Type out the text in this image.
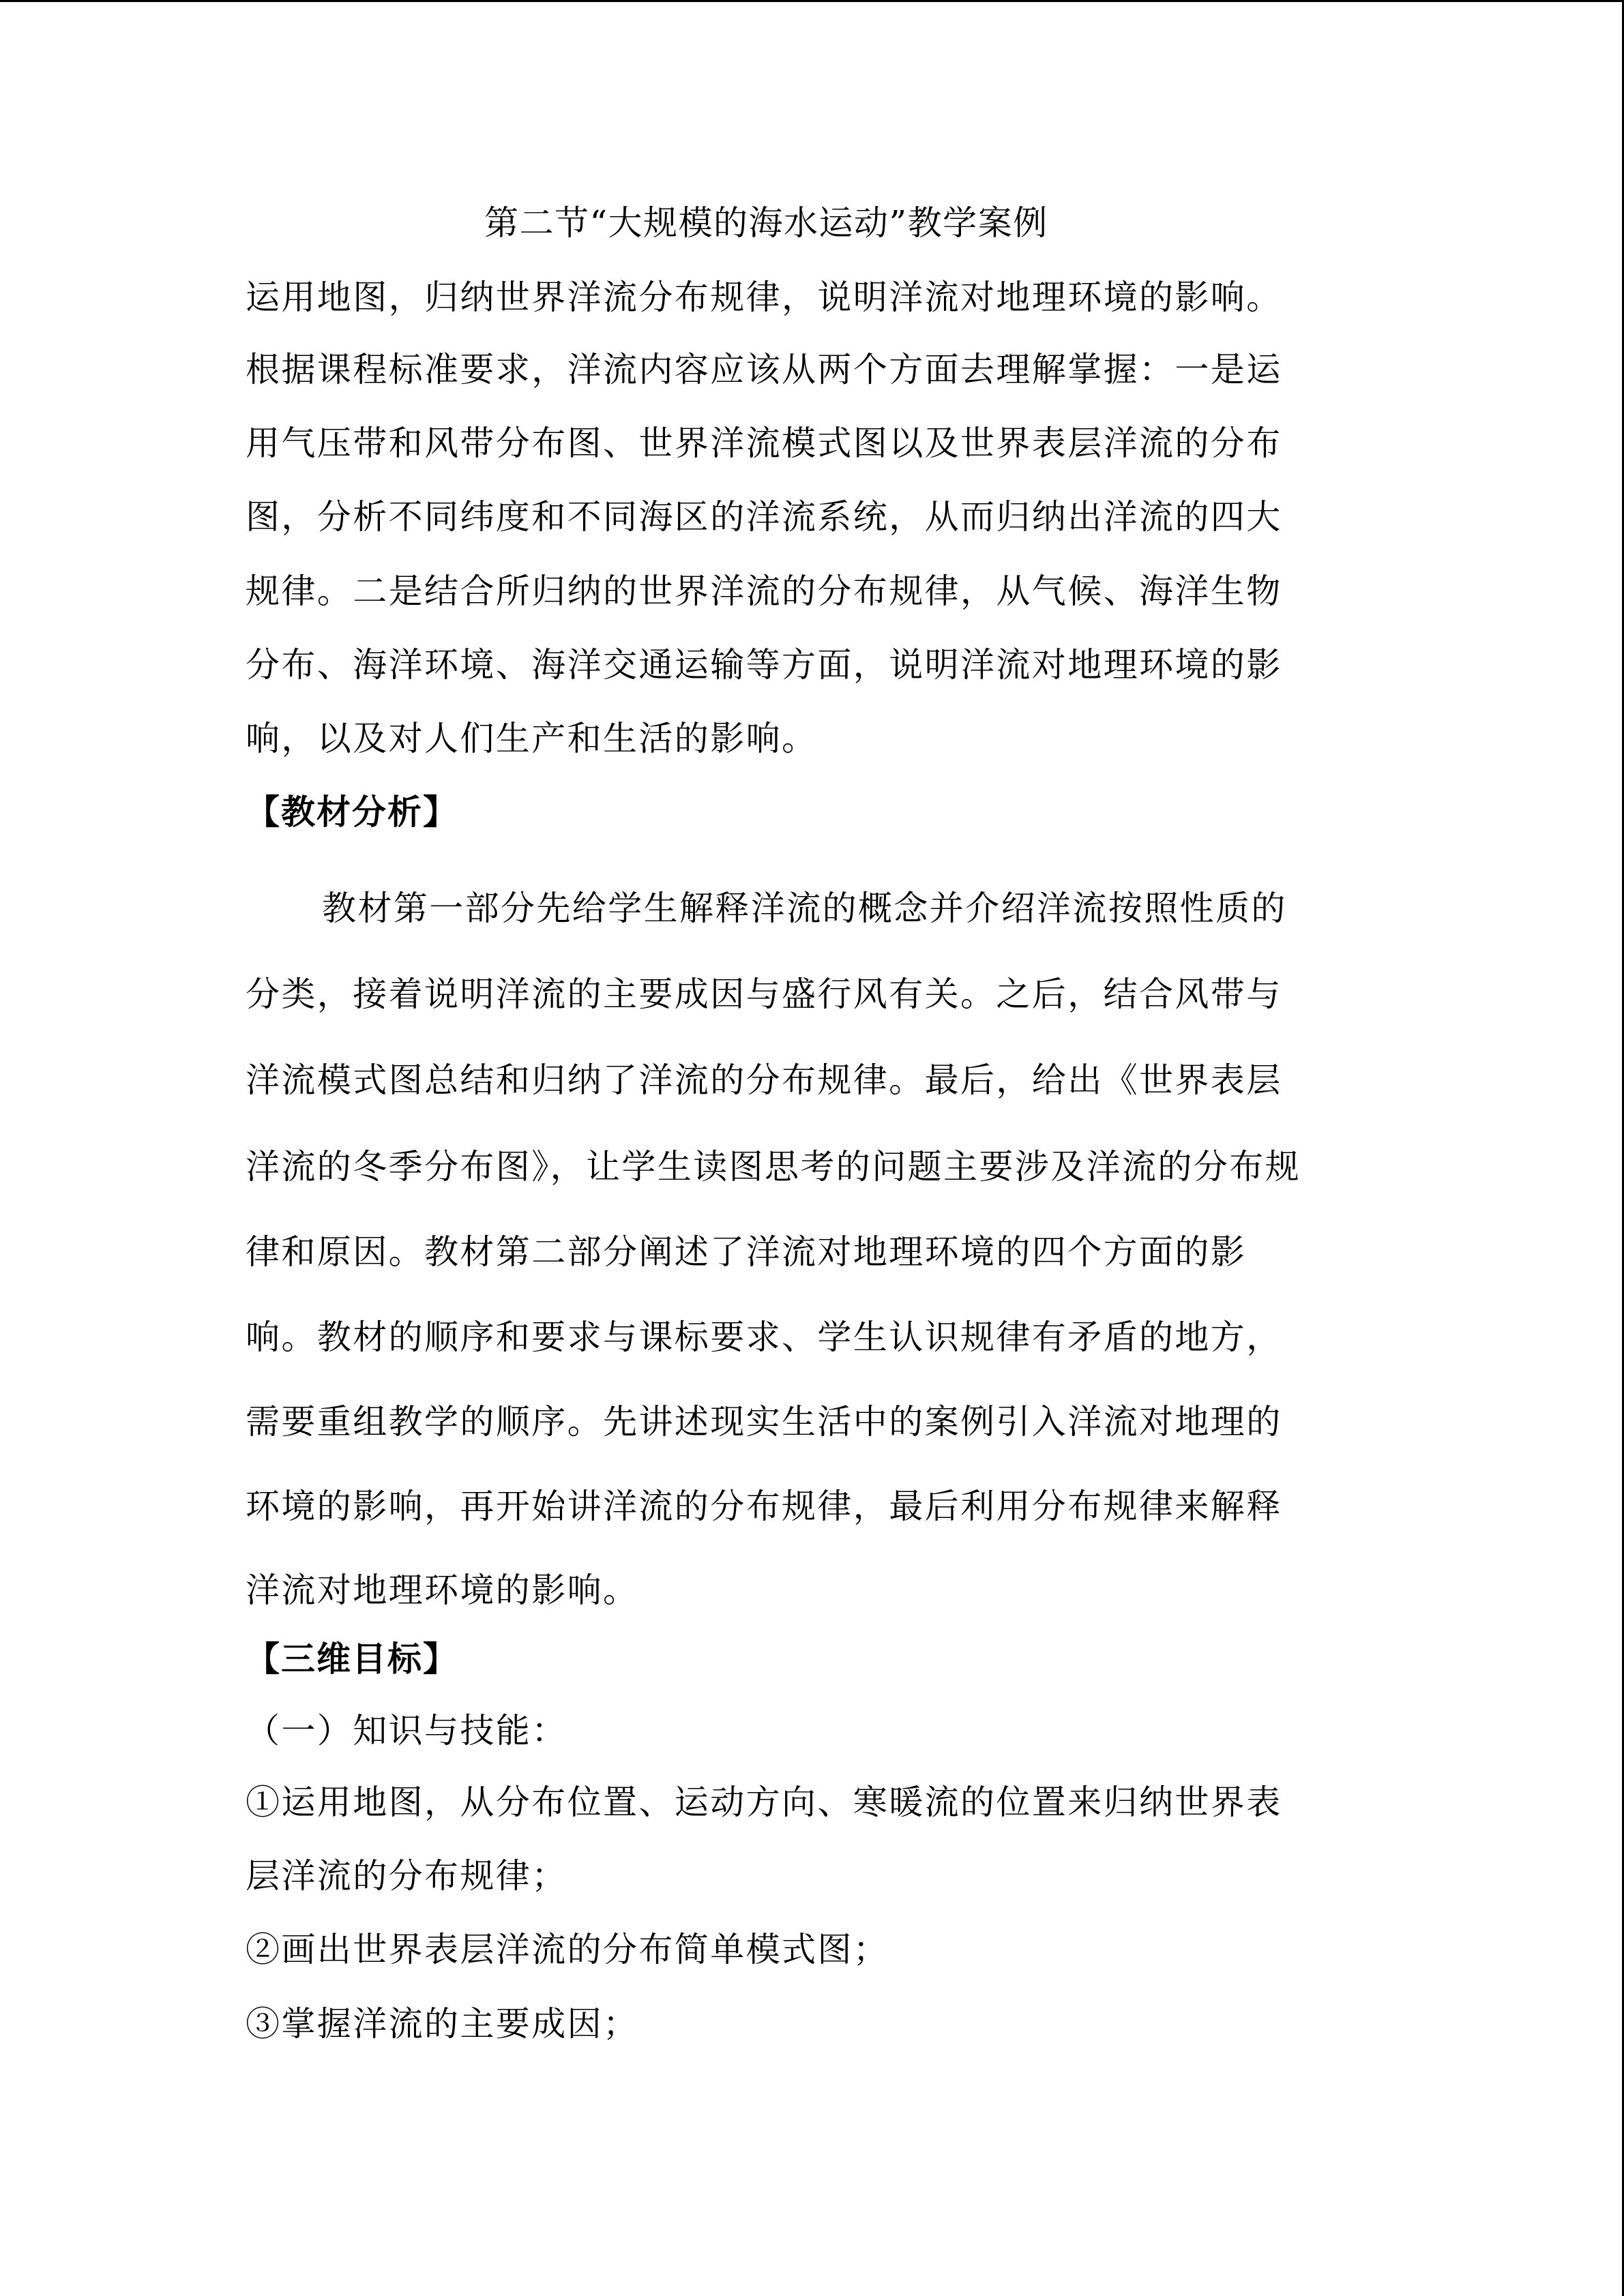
第二节“大规模的海水运动”教学案例
运用地图，归纳世界洋流分布规律，说明洋流对地理环境的影响。
根据课程标准要求，洋流内容应该从两个方面去理解掌握：一是运
用气压带和风带分布图、世界洋流模式图以及世界表层洋流的分布
图，分析不同纬度和不同海区的洋流系统，从而归纳出洋流的四大
规律。二是结合所归纳的世界洋流的分布规律，从气候、海洋生物
分布、海洋环境、海洋交通运输等方面，说明洋流对地理环境的影
响，以及对人们生产和生活的影响。
【教材分析】
教材第一部分先给学生解释洋流的概念并介绍洋流按照性质的
分类，接着说明洋流的主要成因与盛行风有关。之后，结合风带与
洋流模式图总结和归纳了洋流的分布规律。最后，给出《世界表层
洋流的冬季分布图》，让学生读图思考的问题主要涉及洋流的分布规
律和原因。教材第二部分阐述了洋流对地理环境的四个方面的影
响。教材的顺序和要求与课标要求、学生认识规律有矛盾的地方，
需要重组教学的顺序。先讲述现实生活中的案例引入洋流对地理的
环境的影响，再开始讲洋流的分布规律，最后利用分布规律来解释
洋流对地理环境的影响。
【三维目标】
（一）知识与技能：
①运用地图，从分布位置、运动方向、寒暖流的位置来归纳世界表
层洋流的分布规律；
②画出世界表层洋流的分布简单模式图；
③掌握洋流的主要成因；
